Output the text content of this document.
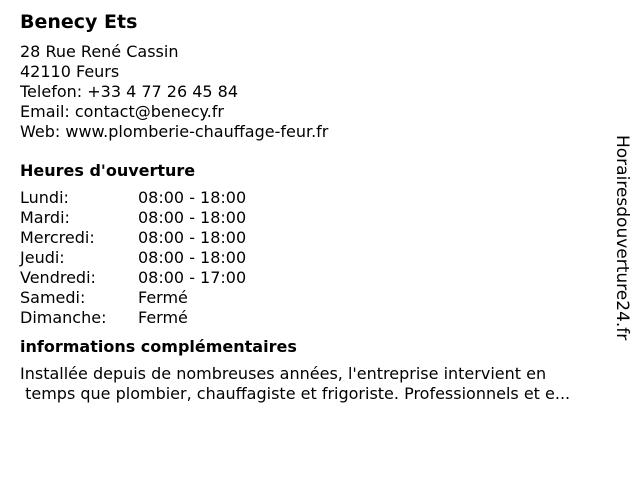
Benecy Ets
28 Rue René Cassin
42110 Feurs
Telefon: +33 4 77 26 45 84
Email: contact@benecy.fr
Web: www.plomberie-chauffage-feur.fr
Heures d'ouverture
Lundi:	08:00 - 18:00
Mardi:	08:00 - 18:00
Mercredi:	08:00 - 18:00
Jeudi:	08:00 - 18:00
Vendredi:	08:00 - 17:00
Samedi:	Fermé
Dimanche:	Fermé
informations complémentaires
Installée depuis de nombreuses années, l'entreprise intervient en
temps que plombier, chauffagiste et frigoriste. Professionnels et e...
Horairesdouverture24.fr
